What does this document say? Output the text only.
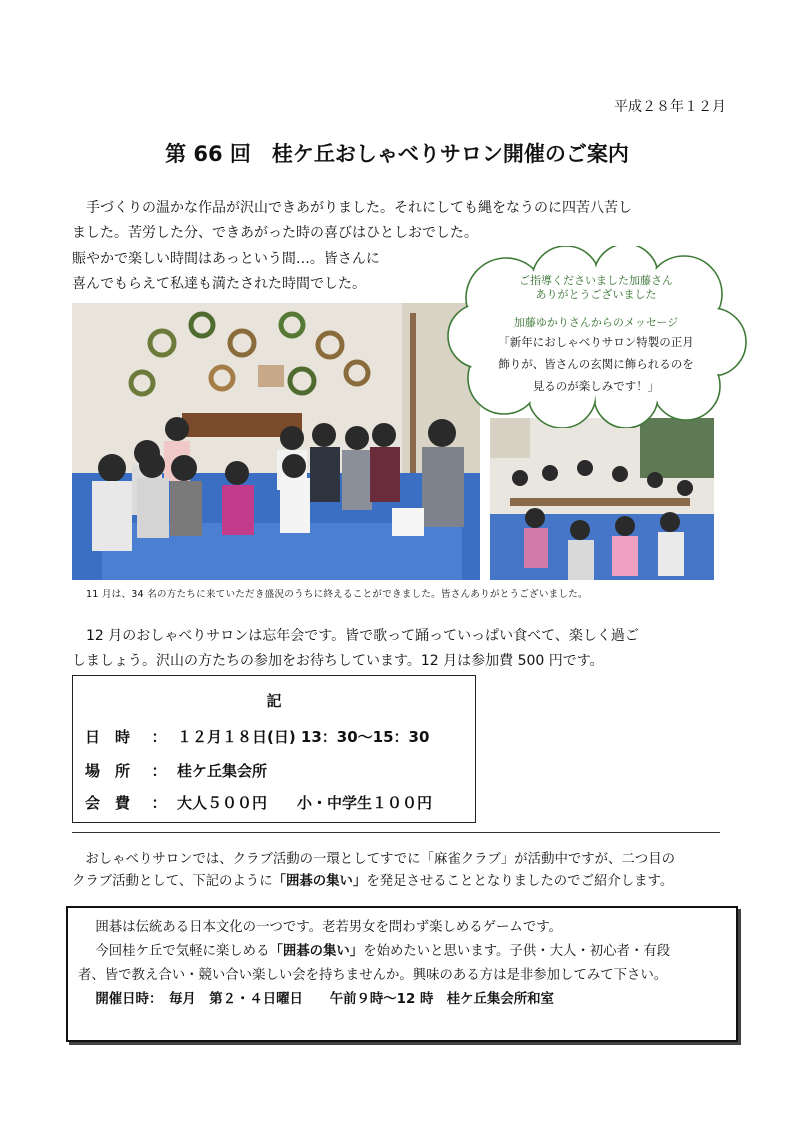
平成２８年１２月
第 66 回　桂ケ丘おしゃべりサロン開催のご案内
　手づくりの温かな作品が沢山できあがりました。それにしても縄をなうのに四苦八苦し
ました。苦労した分、できあがった時の喜びはひとしおでした。
賑やかで楽しい時間はあっという間…。皆さんに
喜んでもらえて私達も満たされた時間でした。	ご指導くださいました加藤さん
ありがとうございました
加藤ゆかりさんからのメッセージ
「新年におしゃべりサロン特製の正月
飾りが、皆さんの玄関に飾られるのを
見るのが楽しみです！」
11 月は、34 名の方たちに来ていただき盛況のうちに終えることができました。皆さんありがとうございました。
　12 月のおしゃべりサロンは忘年会です。皆で歌って踊っていっぱい食べて、楽しく過ご
しましょう。沢山の方たちの参加をお待ちしています。12 月は参加費 500 円です。
記
日　時 ： １２月１８日(日) 13：30〜15：30
場　所 ： 桂ケ丘集会所
会　費 ： 大人５００円　　小・中学生１００円
　おしゃべりサロンでは、クラブ活動の一環としてすでに「麻雀クラブ」が活動中ですが、二つ目の
クラブ活動として、下記のように「囲碁の集い」を発足させることとなりましたのでご紹介します。
　囲碁は伝統ある日本文化の一つです。老若男女を問わず楽しめるゲームです。
　今回桂ケ丘で気軽に楽しめる「囲碁の集い」を始めたいと思います。子供・大人・初心者・有段
者、皆で教え合い・競い合い楽しい会を持ちませんか。興味のある方は是非参加してみて下さい。
　開催日時：　毎月　第２・４日曜日　　午前９時〜12 時　桂ケ丘集会所和室
